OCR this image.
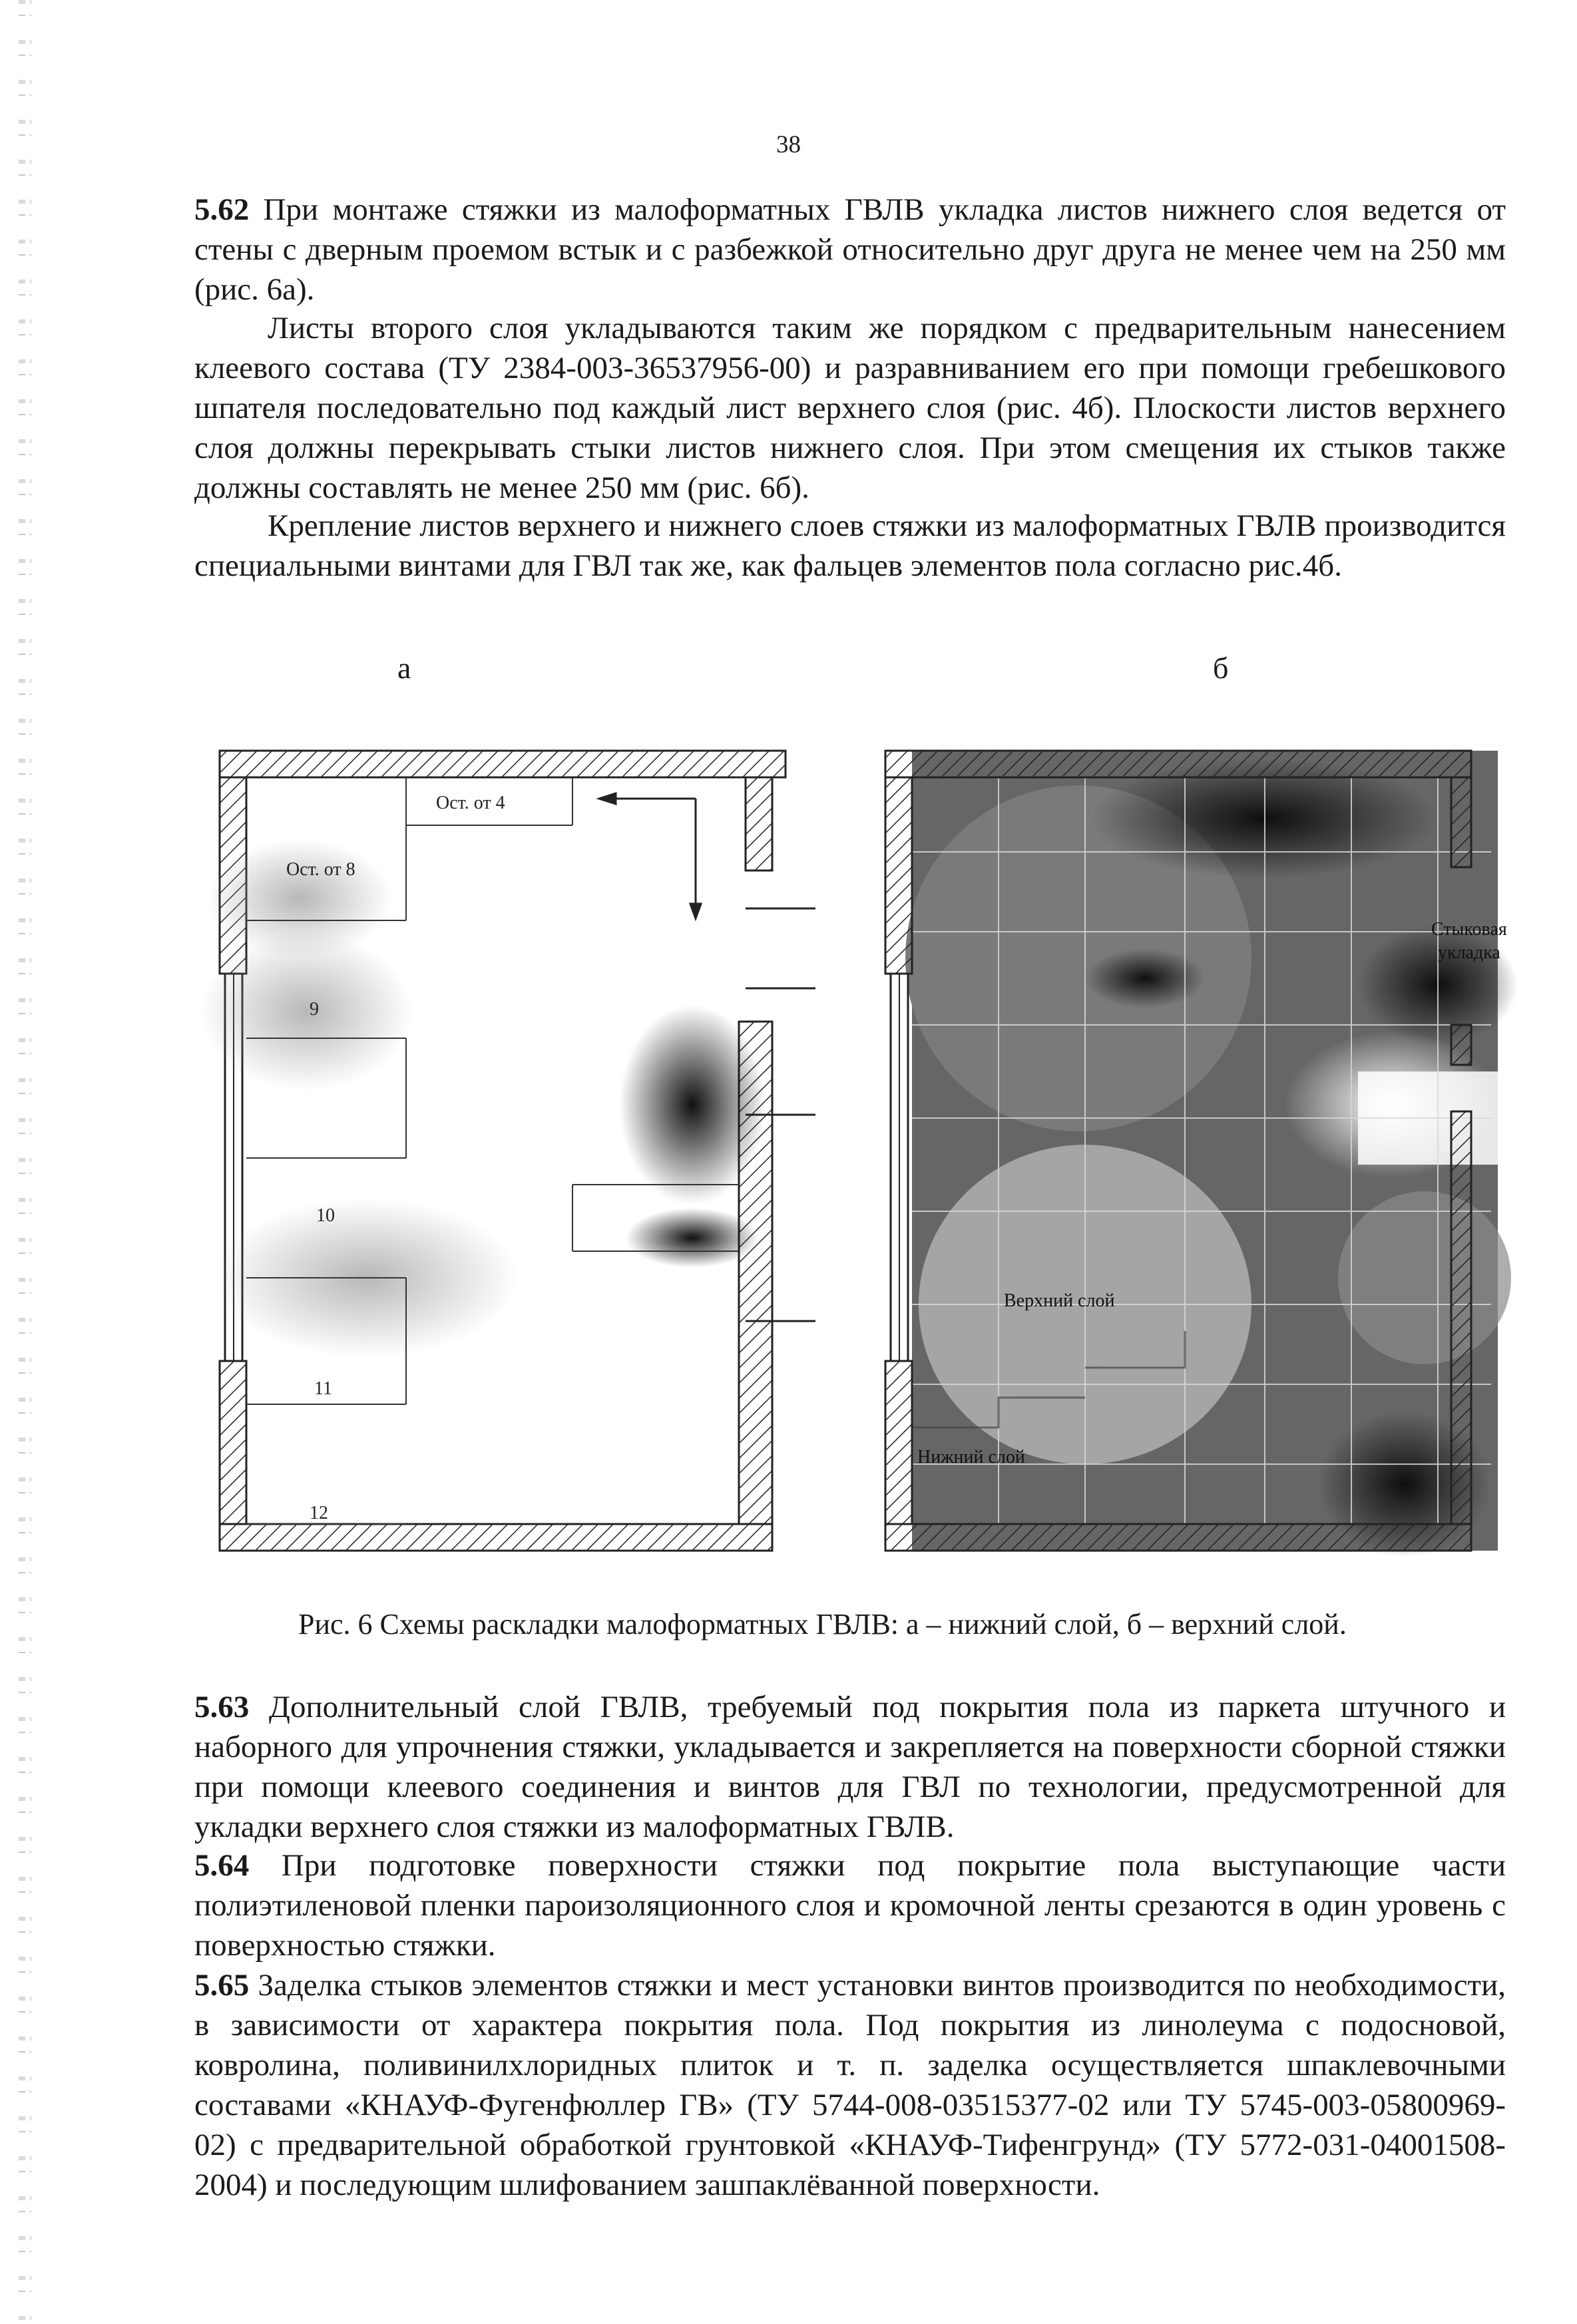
38

5.62 При монтаже стяжки из малоформатных ГВЛВ укладка листов нижнего слоя ведется от стены с дверным проемом встык и с разбежкой относительно друг друга не менее чем на 250 мм (рис. 6а).

Листы второго слоя укладываются таким же порядком с предварительным нанесением клеевого состава (ТУ 2384-003-36537956-00) и разравниванием его при помощи гребешкового шпателя последовательно под каждый лист верхнего слоя (рис. 4б). Плоскости листов верхнего слоя должны перекрывать стыки листов нижнего слоя. При этом смещения их стыков также должны составлять не менее 250 мм (рис. 6б).

Крепление листов верхнего и нижнего слоев стяжки из малоформатных ГВЛВ производится специальными винтами для ГВЛ так же, как фальцев элементов пола согласно рис.4б.

а	б
Ост. от 4
Ост. от 8
9
10
11
12
Стыковая
укладка
Верхний слой
Нижний слой
Рис. 6 Схемы раскладки малоформатных ГВЛВ: а – нижний слой, б – верхний слой.

5.63 Дополнительный слой ГВЛВ, требуемый под покрытия пола из паркета штучного и наборного для упрочнения стяжки, укладывается и закрепляется на поверхности сборной стяжки при помощи клеевого соединения и винтов для ГВЛ по технологии, предусмотренной для укладки верхнего слоя стяжки из малоформатных ГВЛВ.

5.64 При подготовке поверхности стяжки под покрытие пола выступающие части полиэтиленовой пленки пароизоляционного слоя и кромочной ленты срезаются в один уровень с поверхностью стяжки.

5.65 Заделка стыков элементов стяжки и мест установки винтов производится по необходимости, в зависимости от характера покрытия пола. Под покрытия из линолеума с подосновой, ковролина, поливинилхлоридных плиток и т. п. заделка осуществляется шпаклевочными составами «КНАУФ-Фугенфюллер ГВ» (ТУ 5744-008-03515377-02 или ТУ 5745-003-05800969-02) с предварительной обработкой грунтовкой «КНАУФ-Тифенгрунд» (ТУ 5772-031-04001508-2004) и последующим шлифованием зашпаклёванной поверхности.
